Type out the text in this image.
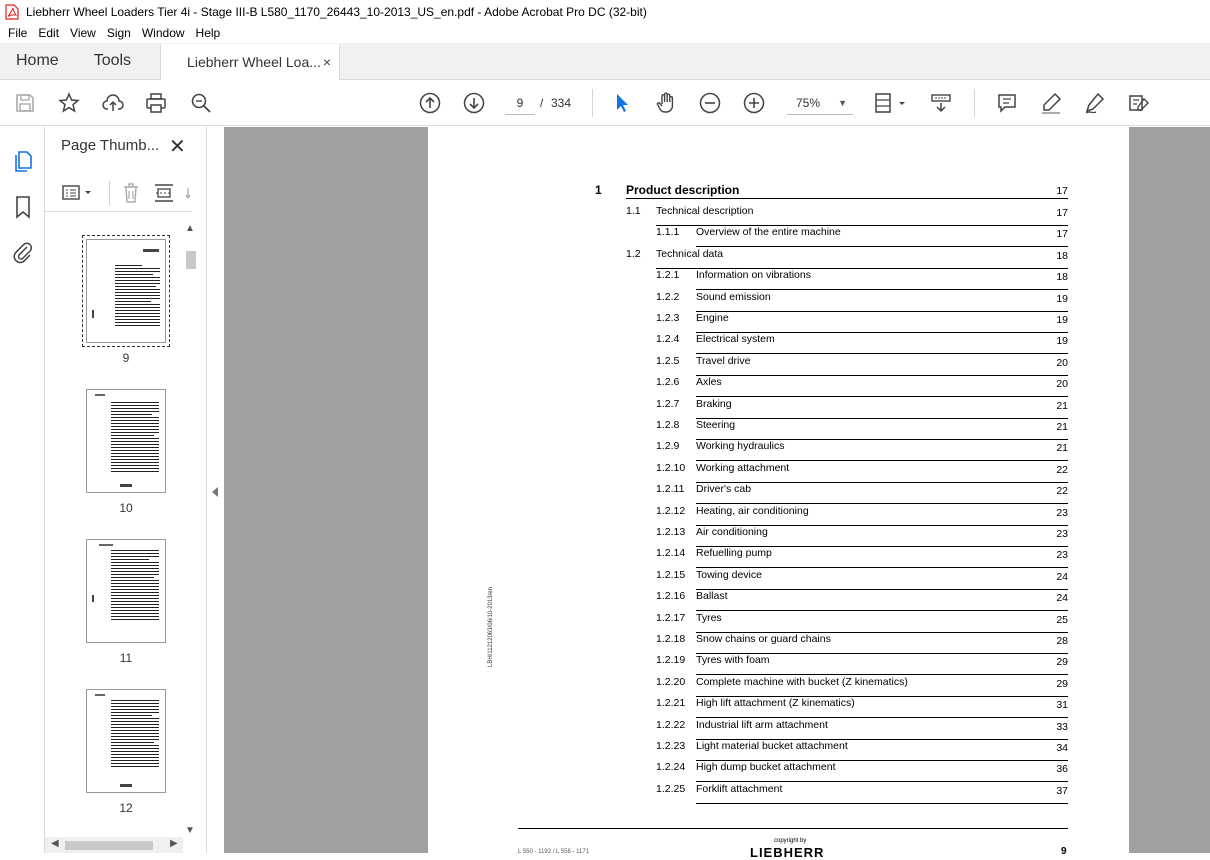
Liebherr Wheel Loaders Tier 4i - Stage III-B L580_1170_26443_10-2013_US_en.pdf - Adobe Acrobat Pro DC (32-bit)
File Edit View Sign Window Help
Home	Tools	Liebherr Wheel Loa... ×
9	/ 334	75% ▼
Page Thumb... ✕
9
10
11
12
▲
▼
◀	▶
1 Product description	17
1.1 Technical description	17
1.1.1 Overview of the entire machine	17
1.2 Technical data	18
1.2.1 Information on vibrations	18
1.2.2 Sound emission	19
1.2.3 Engine	19
1.2.4 Electrical system	19
1.2.5 Travel drive	20
1.2.6 Axles	20
1.2.7 Braking	21
1.2.8 Steering	21
1.2.9 Working hydraulics	21
1.2.10 Working attachment	22
1.2.11 Driver's cab	22
1.2.12 Heating, air conditioning	23
1.2.13 Air conditioning	23
1.2.14 Refuelling pump	23
1.2.15 Towing device	24
1.2.16 Ballast	24
1.2.17 Tyres	25
1.2.18 Snow chains or guard chains	28
1.2.19 Tyres with foam	29
1.2.20 Complete machine with bucket (Z kinematics)	29
1.2.21 High lift attachment (Z kinematics)	31
1.2.22 Industrial lift arm attachment	33
1.2.23 Light material bucket attachment	34
1.2.24 High dump bucket attachment	36
1.2.25 Forklift attachment	37
LBH/11212063/06/10-2013/en
copyright by
LIEBHERR	9
L 550 - 1192 / L 556 - 1171
